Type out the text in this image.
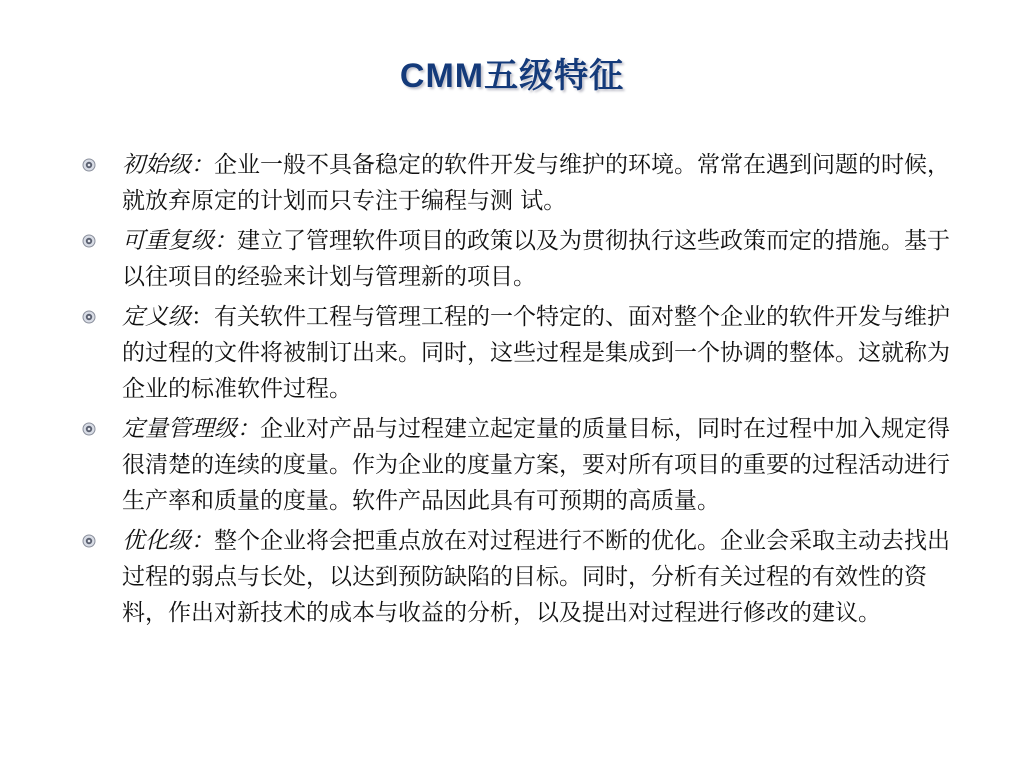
CMM五级特征
初始级：企业一般不具备稳定的软件开发与维护的环境。常常在遇到问题的时候，就放弃原定的计划而只专注于编程与测 试。
可重复级：建立了管理软件项目的政策以及为贯彻执行这些政策而定的措施。基于以往项目的经验来计划与管理新的项目。
定义级：有关软件工程与管理工程的一个特定的、面对整个企业的软件开发与维护的过程的文件将被制订出来。同时，这些过程是集成到一个协调的整体。这就称为企业的标准软件过程。
定量管理级：企业对产品与过程建立起定量的质量目标，同时在过程中加入规定得很清楚的连续的度量。作为企业的度量方案，要对所有项目的重要的过程活动进行生产率和质量的度量。软件产品因此具有可预期的高质量。
优化级：整个企业将会把重点放在对过程进行不断的优化。企业会采取主动去找出过程的弱点与长处，以达到预防缺陷的目标。同时，分析有关过程的有效性的资料，作出对新技术的成本与收益的分析，以及提出对过程进行修改的建议。
